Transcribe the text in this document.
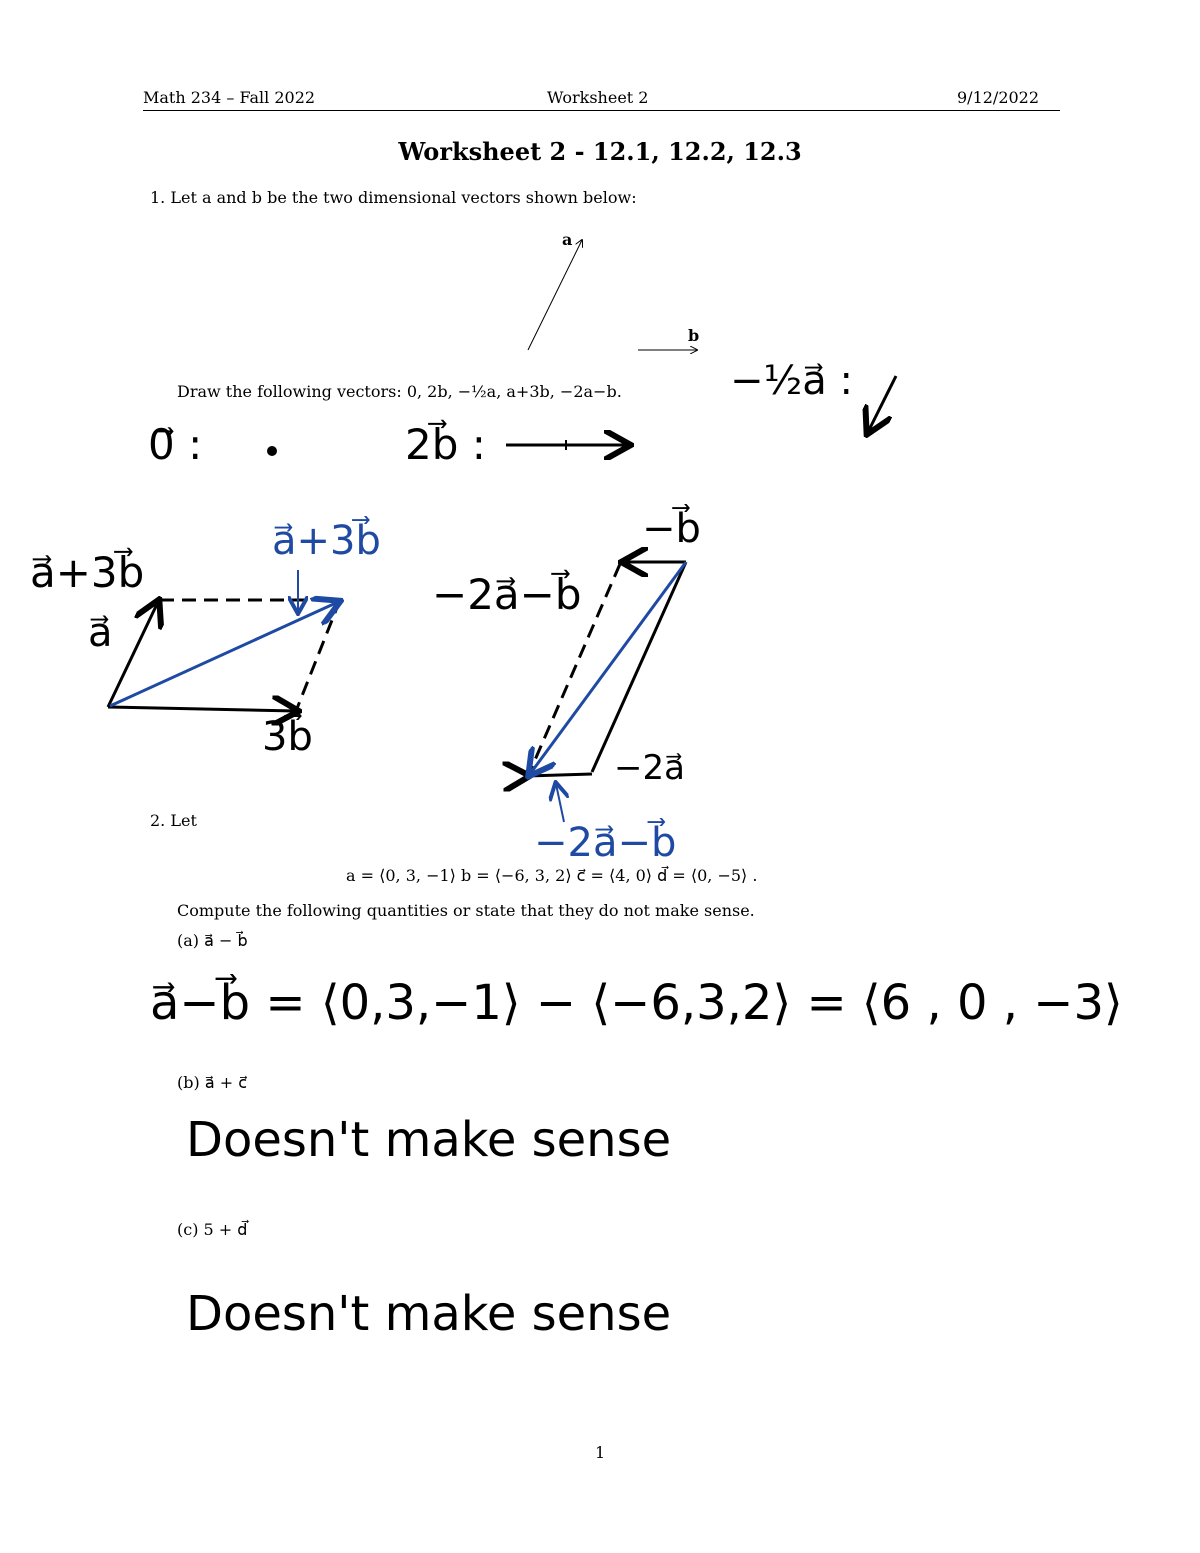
Math 234 – Fall 2022	Worksheet 2	9/12/2022
Worksheet 2 - 12.1, 12.2, 12.3
1. Let a and b be the two dimensional vectors shown below:
a
b
Draw the following vectors: 0, 2b, −½a, a+3b, −2a−b.
0⃗ :	2b⃗ :
−½a⃗ :
a⃗+3b⃗
a⃗
3b⃗
−2a⃗−b⃗
−b⃗
−2a⃗
a⃗+3b⃗
−2a⃗−b⃗
2. Let
a = ⟨0, 3, −1⟩ b = ⟨−6, 3, 2⟩ c⃗ = ⟨4, 0⟩ d⃗ = ⟨0, −5⟩ .
Compute the following quantities or state that they do not make sense.
(a) a⃗ − b⃗
a⃗−b⃗ = ⟨0,3,−1⟩ − ⟨−6,3,2⟩ = ⟨6 , 0 , −3⟩
(b) a⃗ + c⃗
Doesn't make sense
(c) 5 + d⃗
Doesn't make sense
1
